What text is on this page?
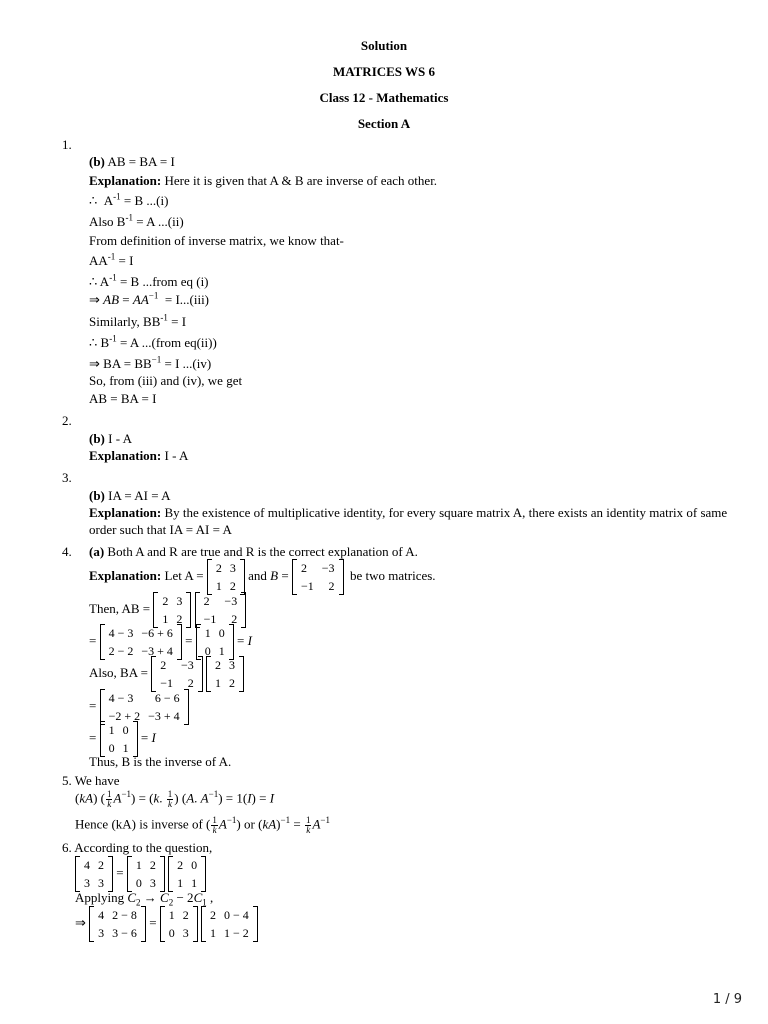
Solution
MATRICES WS 6
Class 12 - Mathematics
Section A
1.
(b) AB = BA = I
Explanation: Here it is given that A & B are inverse of each other.
∴  $A^{-1} = B$ ...(i)
Also $B^{-1} = A$ ...(ii)
From definition of inverse matrix, we know that-
$AA^{-1} = I$
∴ $A^{-1} = B$ ...from eq (i)
⇒ AB = $AA^{-1} = I...(iii)$
Similarly, $BB^{-1} = I$
∴ $B^{-1} = A$ ...(from eq(ii))
⇒ BA = $BB^{-1} = I$ ...(iv)
So, from (iii) and (iv), we get
AB = BA = I
2.
(b) I - A
Explanation: I - A
3.
(b) IA = AI = A
Explanation: By the existence of multiplicative identity, for every square matrix A, there exists an identity matrix of same
order such that IA = AI = A
4. (a) Both A and R are true and R is the correct explanation of A.
Explanation: Let A = 2	3
1	2
and B = 2	−3
−1	2
be two matrices.
Then, AB = 2	3
1	2

2	−3
−1	2
= 4 − 3	−6 + 6
2 − 2	−3 + 4
= 1	0
0	1
= I
Also, BA = 2	−3
−1	2

2	3
1	2
= 4 − 3	6 − 6
−2 + 2	−3 + 4
= 1	0
0	1
= I
Thus, B is the inverse of A.
5. We have
(kA) ( $\frac{1}{k} A^{-1}) = (k$. $\frac{1}{k}$ ) (A. $A^{-1}) = 1(I) = I$
Hence (kA) is inverse of ( $\frac{1}{k} A^{-1}$) or $(kA)^{-1} = \frac{1}{k} A^{-1}$
6. According to the question,
4	2
3	3
= 1	2
0	3

2	0
1	1
Applying $C_2 \to C_2 - 2C_1$ ,
⇒ 4	2 − 8
3	3 − 6
= 1	2
0	3

2	0 − 4
1	1 − 2
1 / 9
